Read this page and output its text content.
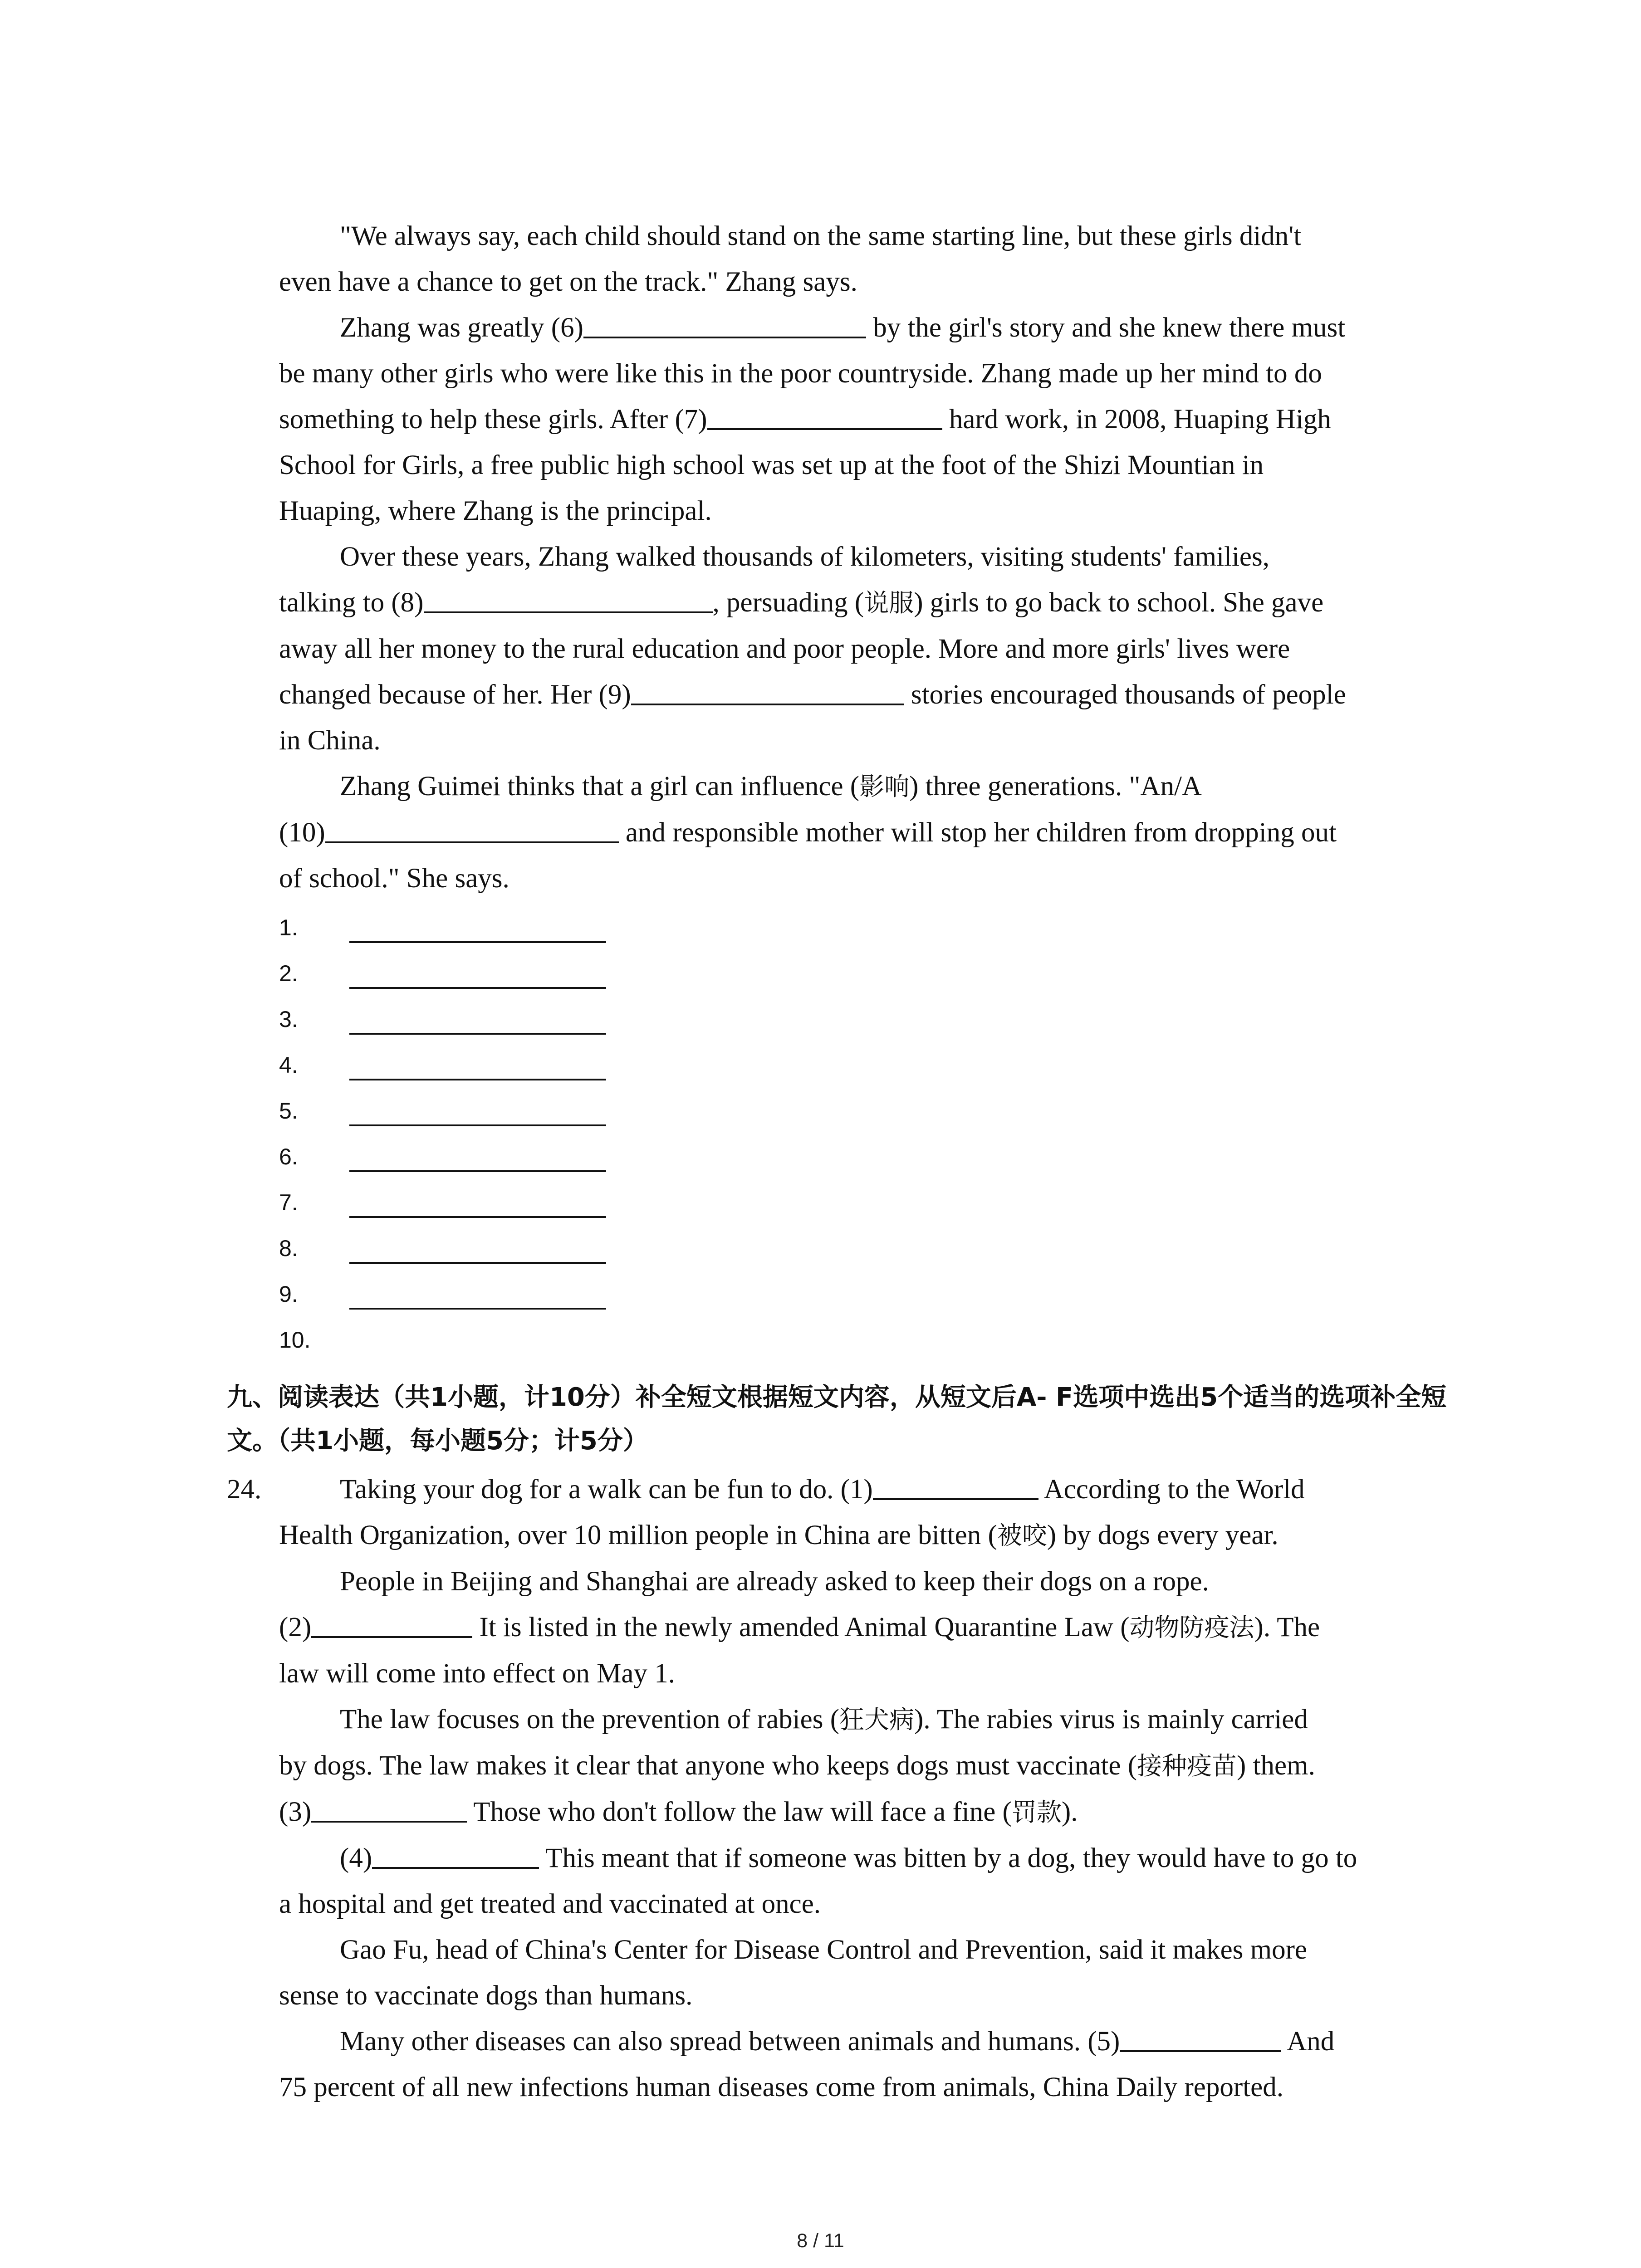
"We always say, each child should stand on the same starting line, but these girls didn't
even have a chance to get on the track." Zhang says.
Zhang was greatly (6)	by the girl's story and she knew there must
be many other girls who were like this in the poor countryside. Zhang made up her mind to do
something to help these girls. After (7)	hard work, in 2008, Huaping High
School for Girls, a free public high school was set up at the foot of the Shizi Mountian in
Huaping, where Zhang is the principal.
Over these years, Zhang walked thousands of kilometers, visiting students' families,
talking to (8)	, persuading (说服) girls to go back to school. She gave
away all her money to the rural education and poor people. More and more girls' lives were
changed because of her. Her (9)	stories encouraged thousands of people
in China.
Zhang Guimei thinks that a girl can influence (影响) three generations. "An/A
(10)	and responsible mother will stop her children from dropping out
of school." She says.
1.
2.
3.
4.
5.
6.
7.
8.
9.
10.
九、阅读表达（共1小题，计10分）补全短文根据短文内容，从短文后A- F选项中选出5个适当的选项补全短文。（共1小题，每小题5分；计5分）
24.	Taking your dog for a walk can be fun to do. (1)	According to the World
Health Organization, over 10 million people in China are bitten (被咬) by dogs every year.
People in Beijing and Shanghai are already asked to keep their dogs on a rope.
(2)	It is listed in the newly amended Animal Quarantine Law (动物防疫法). The
law will come into effect on May 1.
The law focuses on the prevention of rabies (狂犬病). The rabies virus is mainly carried
by dogs. The law makes it clear that anyone who keeps dogs must vaccinate (接种疫苗) them.
(3)	Those who don't follow the law will face a fine (罚款).
(4)	This meant that if someone was bitten by a dog, they would have to go to
a hospital and get treated and vaccinated at once.
Gao Fu, head of China's Center for Disease Control and Prevention, said it makes more
sense to vaccinate dogs than humans.
Many other diseases can also spread between animals and humans. (5)	And
75 percent of all new infections human diseases come from animals, China Daily reported.
8 / 11
